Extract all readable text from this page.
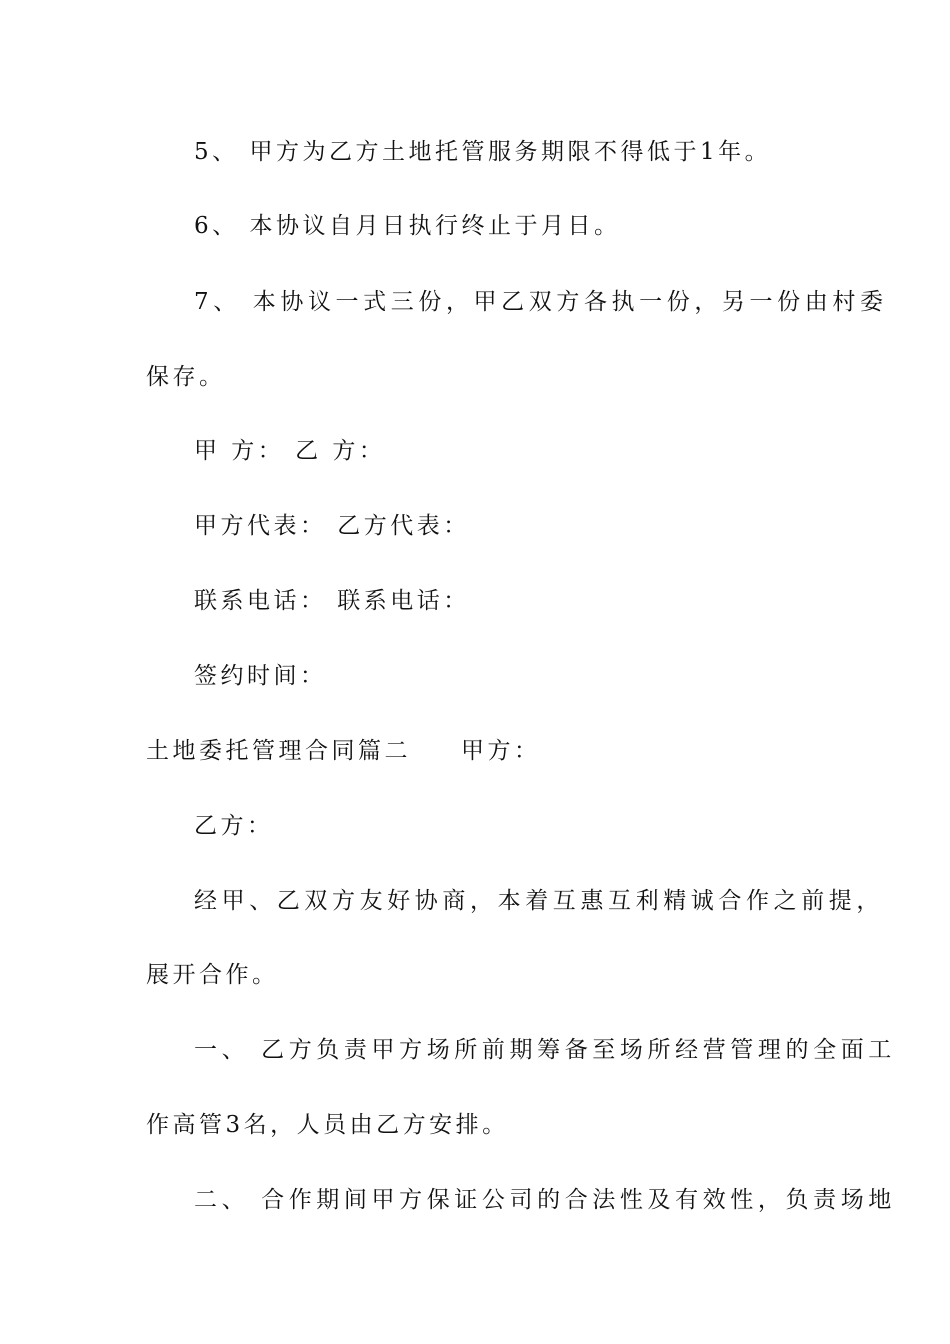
5、 甲方为乙方土地托管服务期限不得低于1年。
6、 本协议自月日执行终止于月日。
7、 本协议一式三份，甲乙双方各执一份，另一份由村委
保存。
甲 方： 乙 方：
甲方代表： 乙方代表：
联系电话： 联系电话：
签约时间：
土地委托管理合同篇二 甲方：
乙方：
经甲、乙双方友好协商，本着互惠互利精诚合作之前提，
展开合作。
一、 乙方负责甲方场所前期筹备至场所经营管理的全面工
作高管3名，人员由乙方安排。
二、 合作期间甲方保证公司的合法性及有效性，负责场地
